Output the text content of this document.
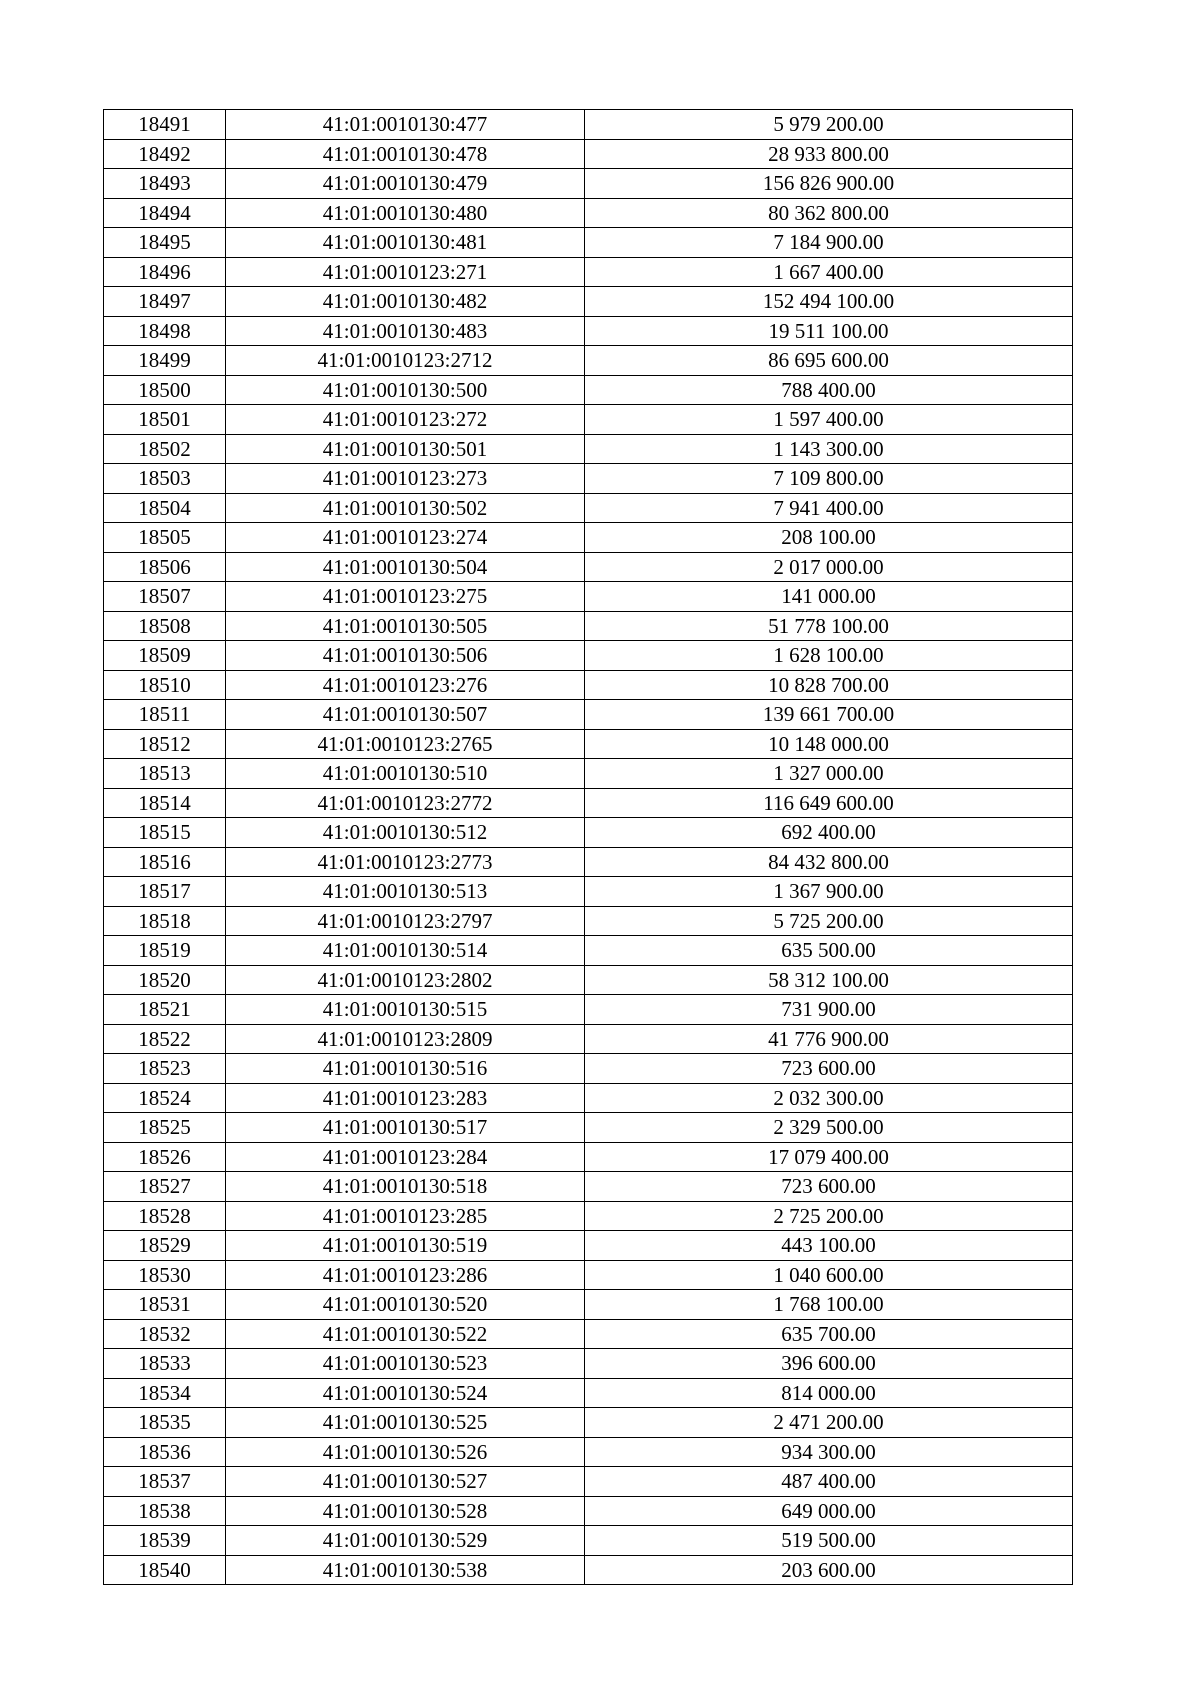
18491	41:01:0010130:477	5 979 200.00
18492	41:01:0010130:478	28 933 800.00
18493	41:01:0010130:479	156 826 900.00
18494	41:01:0010130:480	80 362 800.00
18495	41:01:0010130:481	7 184 900.00
18496	41:01:0010123:271	1 667 400.00
18497	41:01:0010130:482	152 494 100.00
18498	41:01:0010130:483	19 511 100.00
18499	41:01:0010123:2712	86 695 600.00
18500	41:01:0010130:500	788 400.00
18501	41:01:0010123:272	1 597 400.00
18502	41:01:0010130:501	1 143 300.00
18503	41:01:0010123:273	7 109 800.00
18504	41:01:0010130:502	7 941 400.00
18505	41:01:0010123:274	208 100.00
18506	41:01:0010130:504	2 017 000.00
18507	41:01:0010123:275	141 000.00
18508	41:01:0010130:505	51 778 100.00
18509	41:01:0010130:506	1 628 100.00
18510	41:01:0010123:276	10 828 700.00
18511	41:01:0010130:507	139 661 700.00
18512	41:01:0010123:2765	10 148 000.00
18513	41:01:0010130:510	1 327 000.00
18514	41:01:0010123:2772	116 649 600.00
18515	41:01:0010130:512	692 400.00
18516	41:01:0010123:2773	84 432 800.00
18517	41:01:0010130:513	1 367 900.00
18518	41:01:0010123:2797	5 725 200.00
18519	41:01:0010130:514	635 500.00
18520	41:01:0010123:2802	58 312 100.00
18521	41:01:0010130:515	731 900.00
18522	41:01:0010123:2809	41 776 900.00
18523	41:01:0010130:516	723 600.00
18524	41:01:0010123:283	2 032 300.00
18525	41:01:0010130:517	2 329 500.00
18526	41:01:0010123:284	17 079 400.00
18527	41:01:0010130:518	723 600.00
18528	41:01:0010123:285	2 725 200.00
18529	41:01:0010130:519	443 100.00
18530	41:01:0010123:286	1 040 600.00
18531	41:01:0010130:520	1 768 100.00
18532	41:01:0010130:522	635 700.00
18533	41:01:0010130:523	396 600.00
18534	41:01:0010130:524	814 000.00
18535	41:01:0010130:525	2 471 200.00
18536	41:01:0010130:526	934 300.00
18537	41:01:0010130:527	487 400.00
18538	41:01:0010130:528	649 000.00
18539	41:01:0010130:529	519 500.00
18540	41:01:0010130:538	203 600.00
